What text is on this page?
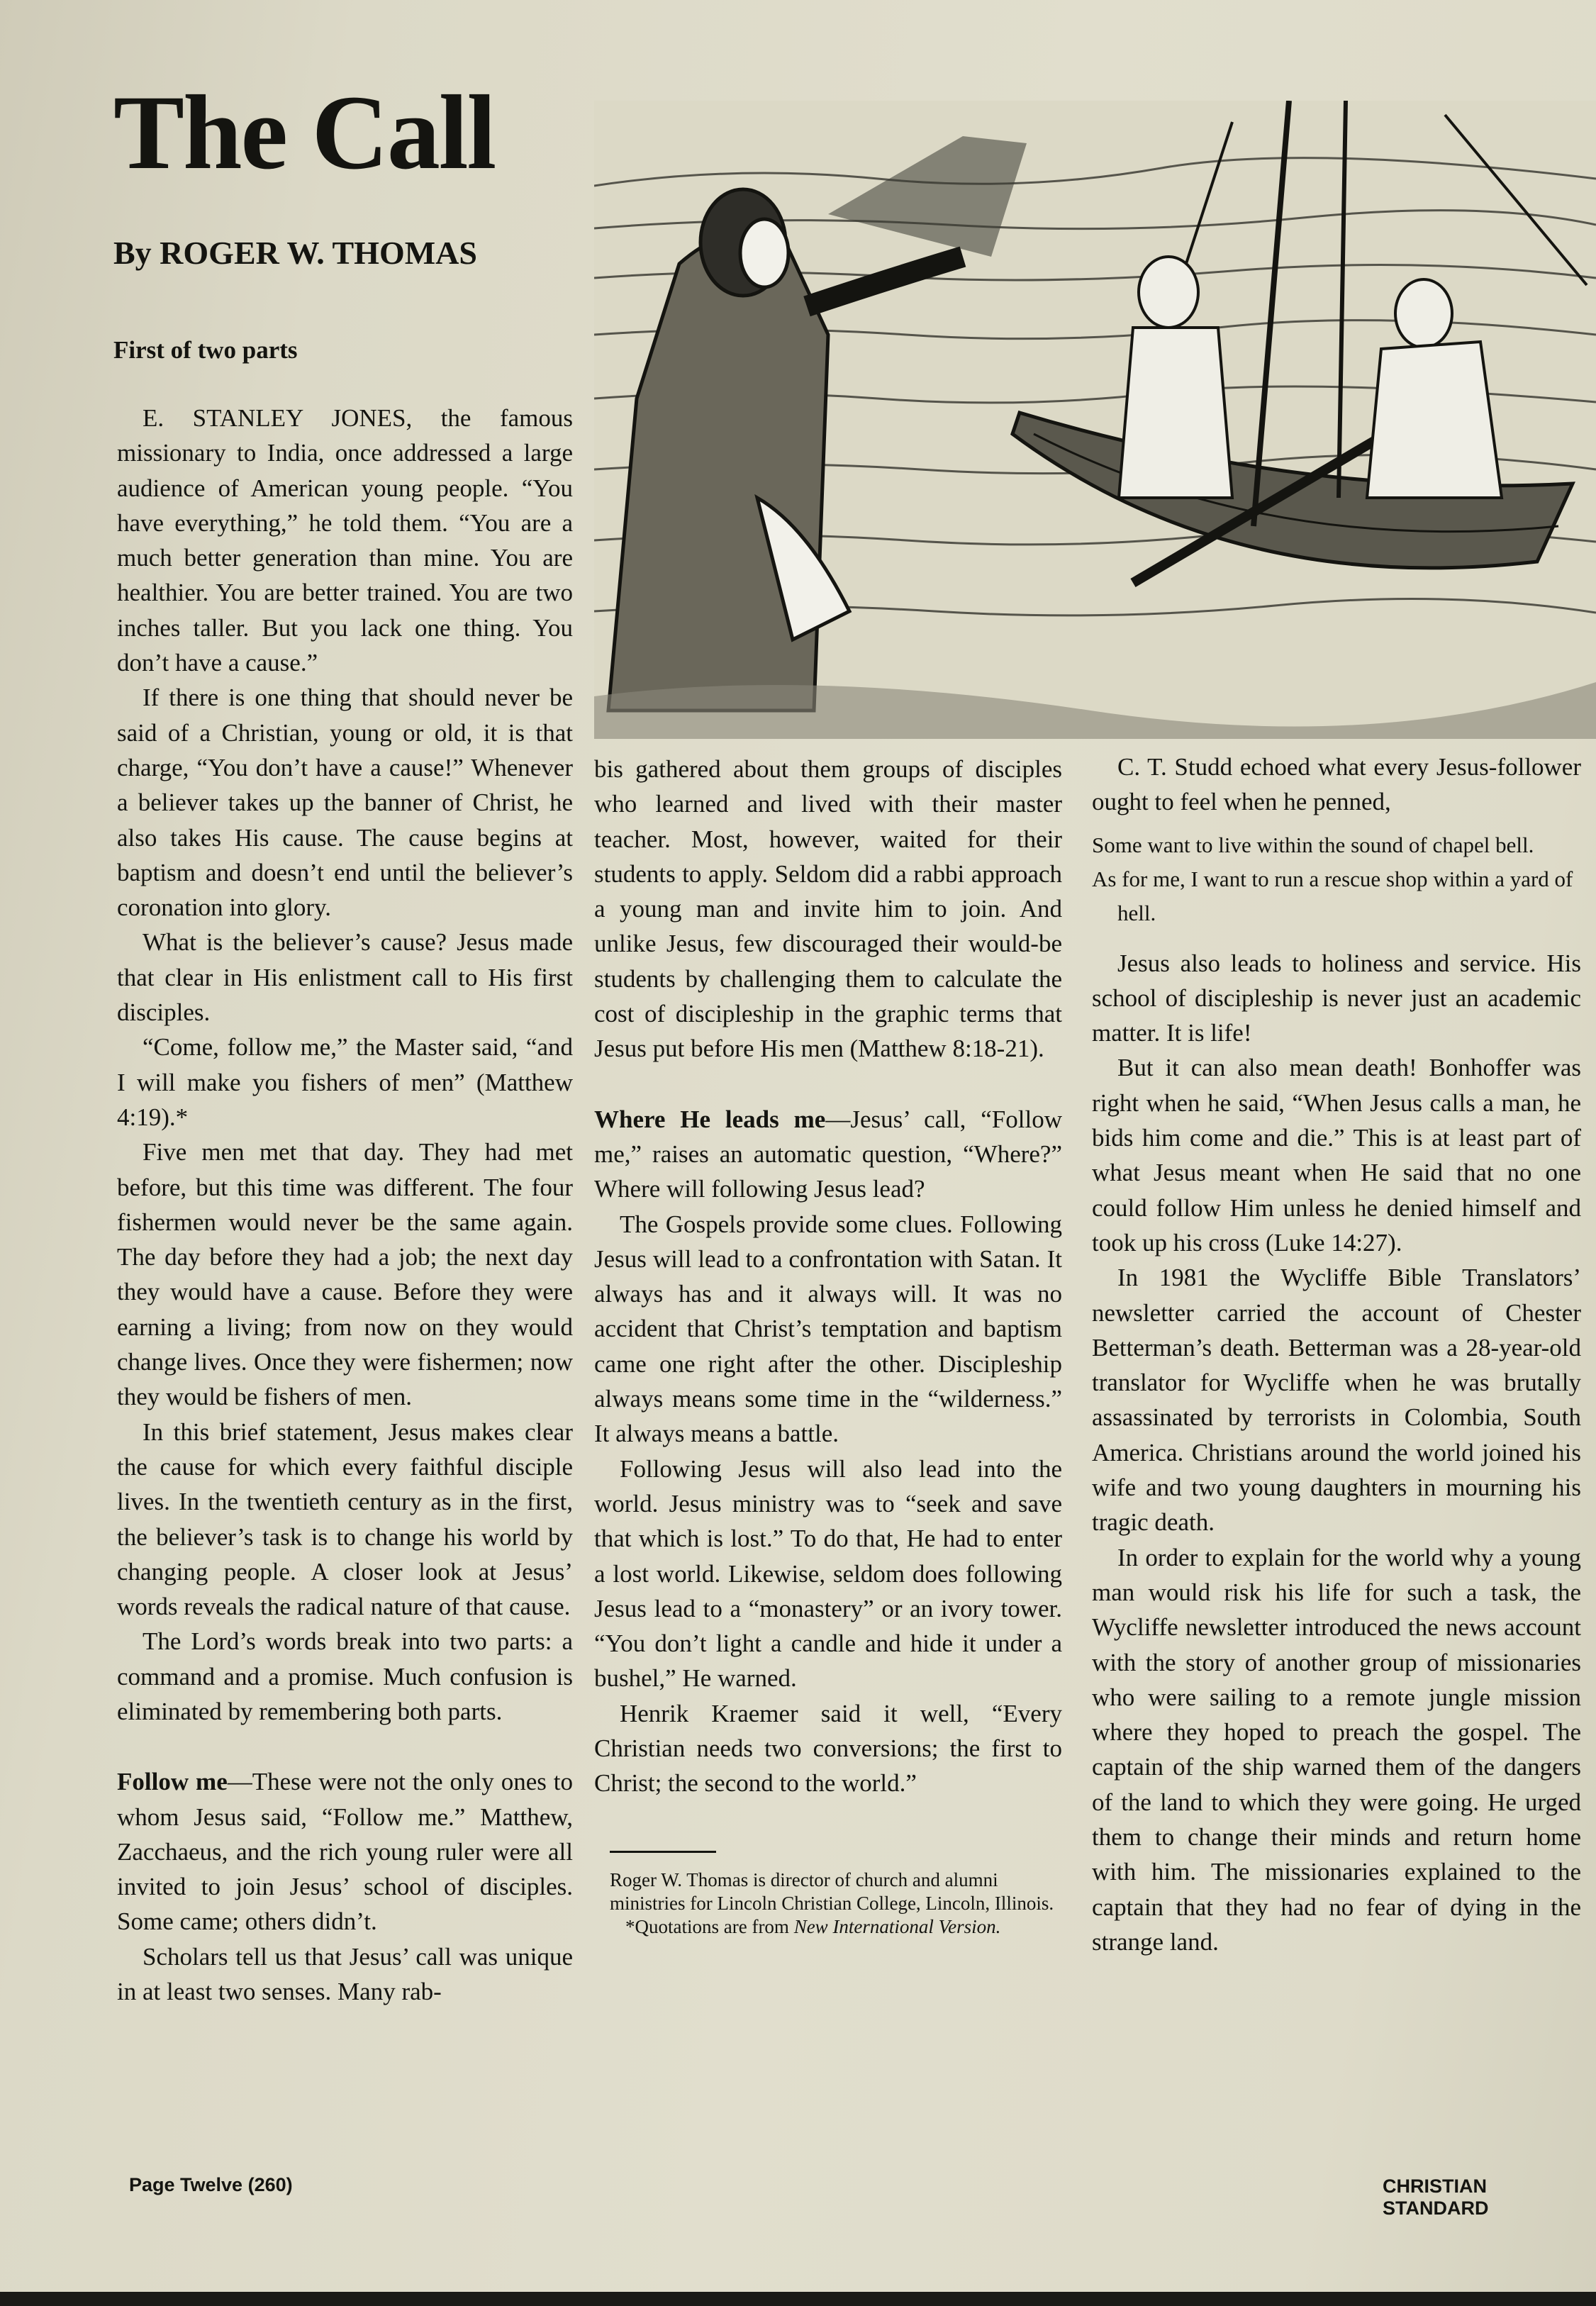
The Call
By ROGER W. THOMAS
First of two parts

E. STANLEY JONES, the famous missionary to India, once addressed a large audience of American young people. “You have everything,” he told them. “You are a much better generation than mine. You are healthier. You are better trained. You are two inches taller. But you lack one thing. You don’t have a cause.”

If there is one thing that should never be said of a Christian, young or old, it is that charge, “You don’t have a cause!” Whenever a believer takes up the banner of Christ, he also takes His cause. The cause begins at baptism and doesn’t end until the believer’s coronation into glory.

What is the believer’s cause? Jesus made that clear in His enlistment call to His first disciples.

“Come, follow me,” the Master said, “and I will make you fishers of men” (Matthew 4:19).*

Five men met that day. They had met before, but this time was different. The four fishermen would never be the same again. The day before they had a job; the next day they would have a cause. Before they were earning a living; from now on they would change lives. Once they were fishermen; now they would be fishers of men.

In this brief statement, Jesus makes clear the cause for which every faithful disciple lives. In the twentieth century as in the first, the believer’s task is to change his world by changing people. A closer look at Jesus’ words reveals the radical nature of that cause.

The Lord’s words break into two parts: a command and a promise. Much confusion is eliminated by remembering both parts.

Follow me—These were not the only ones to whom Jesus said, “Follow me.” Matthew, Zacchaeus, and the rich young ruler were all invited to join Jesus’ school of disciples. Some came; others didn’t.

Scholars tell us that Jesus’ call was unique in at least two senses. Many rab-

bis gathered about them groups of disciples who learned and lived with their master teacher. Most, however, waited for their students to apply. Seldom did a rabbi approach a young man and invite him to join. And unlike Jesus, few discouraged their would-be students by challenging them to calculate the cost of discipleship in the graphic terms that Jesus put before His men (Matthew 8:18-21).

Where He leads me—Jesus’ call, “Follow me,” raises an automatic question, “Where?” Where will following Jesus lead?

The Gospels provide some clues. Following Jesus will lead to a confrontation with Satan. It always has and it always will. It was no accident that Christ’s temptation and baptism came one right after the other. Discipleship always means some time in the “wilderness.” It always means a battle.

Following Jesus will also lead into the world. Jesus ministry was to “seek and save that which is lost.” To do that, He had to enter a lost world. Likewise, seldom does following Jesus lead to a “monastery” or an ivory tower. “You don’t light a candle and hide it under a bushel,” He warned.

Henrik Kraemer said it well, “Every Christian needs two conversions; the first to Christ; the second to the world.”

Roger W. Thomas is director of church and alumni ministries for Lincoln Christian College, Lincoln, Illinois.

*Quotations are from New International Version.

C. T. Studd echoed what every Jesus-follower ought to feel when he penned,

Some want to live within the sound of chapel bell.
As for me, I want to run a rescue shop within a yard of hell.

Jesus also leads to holiness and service. His school of discipleship is never just an academic matter. It is life!

But it can also mean death! Bonhoffer was right when he said, “When Jesus calls a man, he bids him come and die.” This is at least part of what Jesus meant when He said that no one could follow Him unless he denied himself and took up his cross (Luke 14:27).

In 1981 the Wycliffe Bible Translators’ newsletter carried the account of Chester Betterman’s death. Betterman was a 28-year-old translator for Wycliffe when he was brutally assassinated by terrorists in Colombia, South America. Christians around the world joined his wife and two young daughters in mourning his tragic death.

In order to explain for the world why a young man would risk his life for such a task, the Wycliffe newsletter introduced the news account with the story of another group of missionaries who were sailing to a remote jungle mission where they hoped to preach the gospel. The captain of the ship warned them of the dangers of the land to which they were going. He urged them to change their minds and return home with him. The missionaries explained to the captain that they had no fear of dying in the strange land.

Page Twelve (260)	CHRISTIAN STANDARD
